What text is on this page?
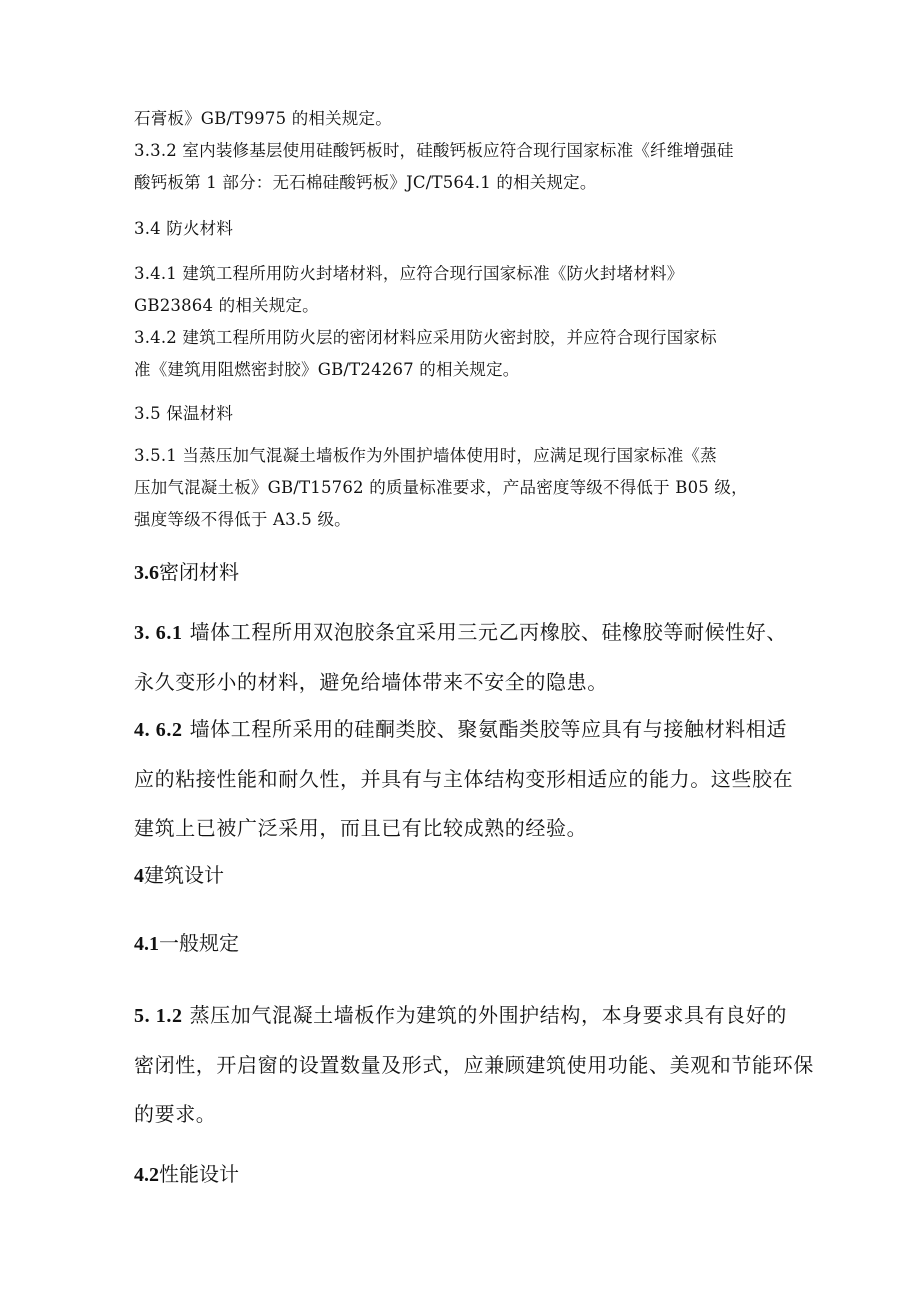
石膏板》GB/T9975 的相关规定。
3.3.2 室内装修基层使用硅酸钙板时，硅酸钙板应符合现行国家标准《纤维增强硅
酸钙板第 1 部分：无石棉硅酸钙板》JC/T564.1 的相关规定。

3.4 防火材料

3.4.1 建筑工程所用防火封堵材料，应符合现行国家标准《防火封堵材料》
GB23864 的相关规定。
3.4.2 建筑工程所用防火层的密闭材料应采用防火密封胶，并应符合现行国家标
准《建筑用阻燃密封胶》GB/T24267 的相关规定。

3.5 保温材料

3.5.1 当蒸压加气混凝土墙板作为外围护墙体使用时，应满足现行国家标准《蒸
压加气混凝土板》GB/T15762 的质量标准要求，产品密度等级不得低于 B05 级，
强度等级不得低于 A3.5 级。

3.6密闭材料

3. 6.1 墙体工程所用双泡胶条宜采用三元乙丙橡胶、硅橡胶等耐候性好、
永久变形小的材料，避免给墙体带来不安全的隐患。

4. 6.2 墙体工程所采用的硅酮类胶、聚氨酯类胶等应具有与接触材料相适
应的粘接性能和耐久性，并具有与主体结构变形相适应的能力。这些胶在
建筑上已被广泛采用，而且已有比较成熟的经验。

4建筑设计

4.1一般规定

5. 1.2 蒸压加气混凝土墙板作为建筑的外围护结构，本身要求具有良好的
密闭性，开启窗的设置数量及形式，应兼顾建筑使用功能、美观和节能环保
的要求。

4.2性能设计
